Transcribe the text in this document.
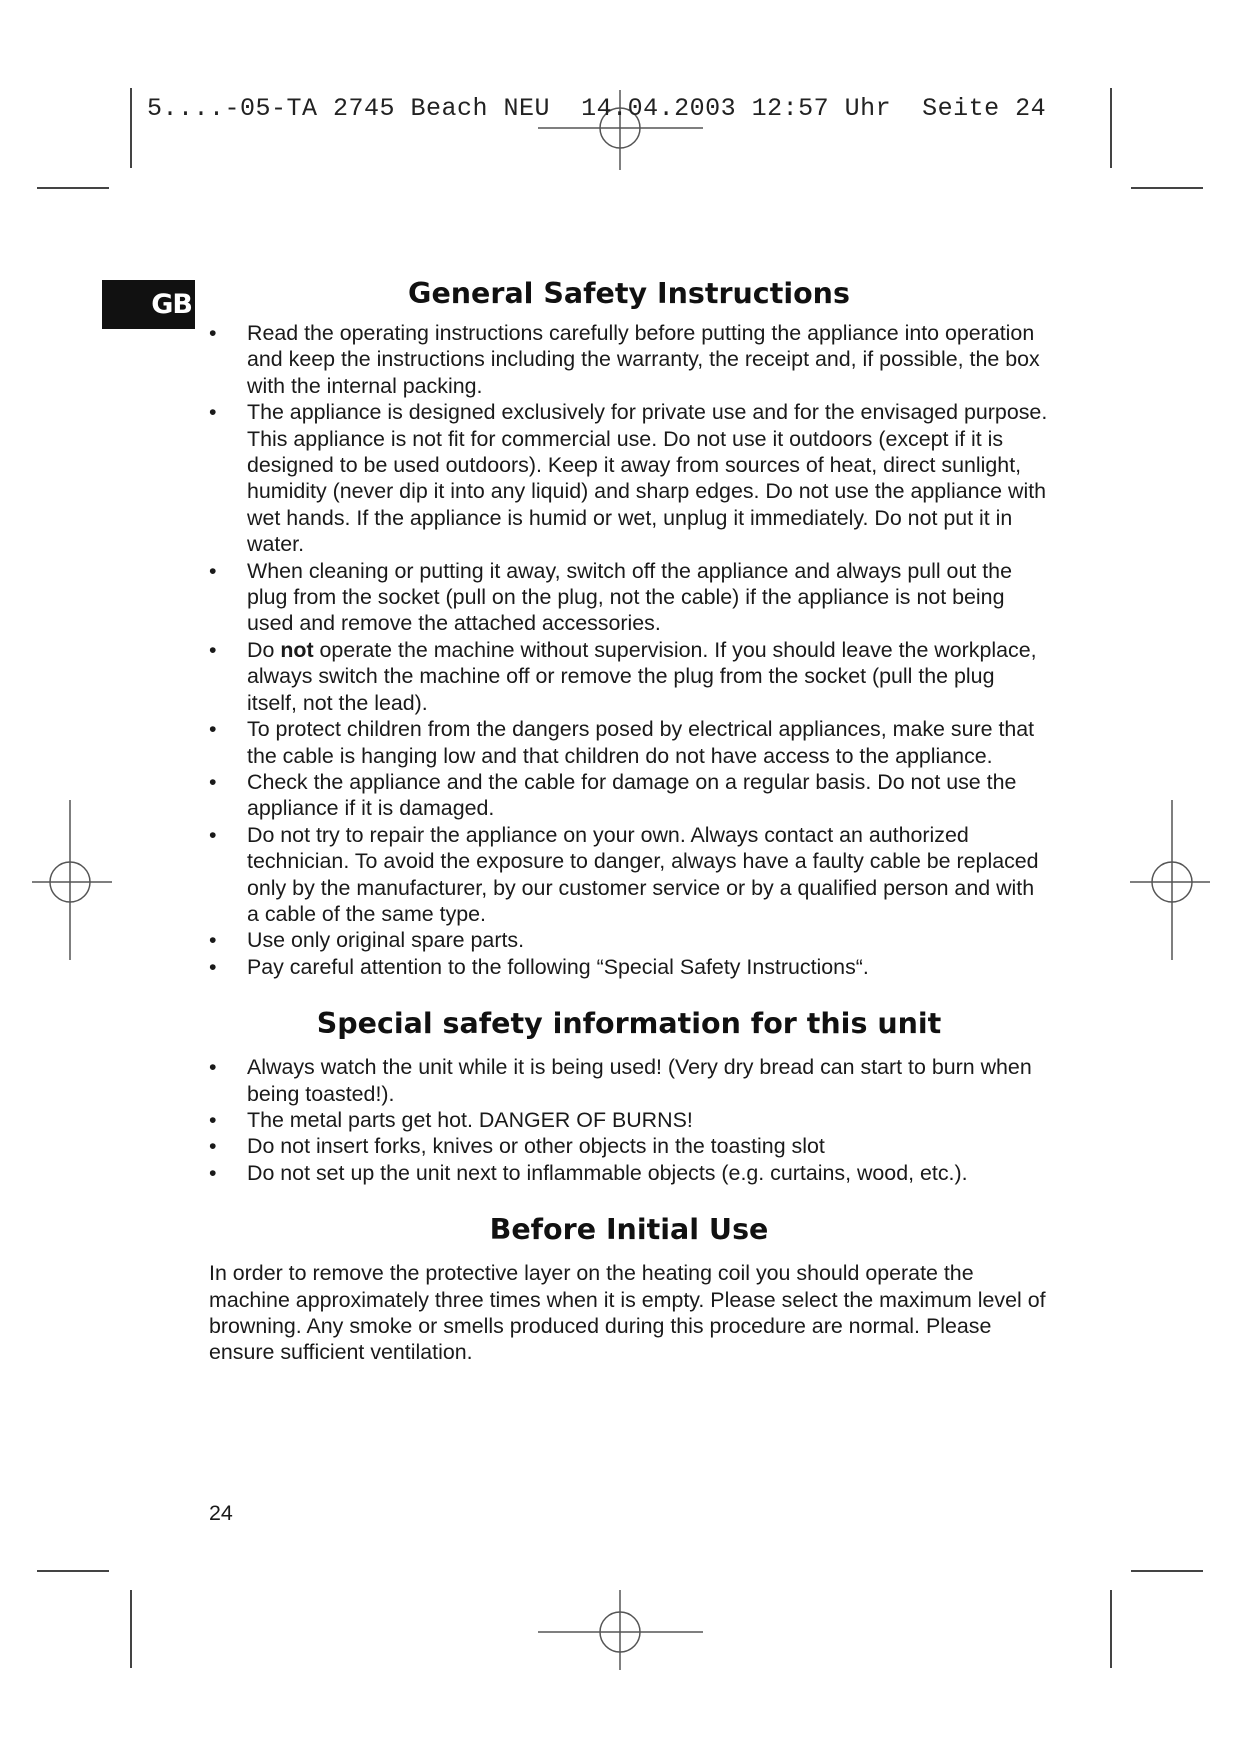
5....-05-TA 2745 Beach NEU  14.04.2003 12:57 Uhr  Seite 24
GB	General Safety Instructions
• Read the operating instructions carefully before putting the appliance into operation and keep the instructions including the warranty, the receipt and, if possible, the box with the internal packing.
• The appliance is designed exclusively for private use and for the envisaged purpose. This appliance is not fit for commercial use. Do not use it outdoors (except if it is designed to be used outdoors). Keep it away from sources of heat, direct sunlight, humidity (never dip it into any liquid) and sharp edges. Do not use the appliance with wet hands. If the appliance is humid or wet, unplug it immediately. Do not put it in water.
• When cleaning or putting it away, switch off the appliance and always pull out the plug from the socket (pull on the plug, not the cable) if the appliance is not being used and remove the attached accessories.
• Do not operate the machine without supervision. If you should leave the workplace, always switch the machine off or remove the plug from the socket (pull the plug itself, not the lead).
• To protect children from the dangers posed by electrical appliances, make sure that the cable is hanging low and that children do not have access to the appliance.
• Check the appliance and the cable for damage on a regular basis. Do not use the appliance if it is damaged.
• Do not try to repair the appliance on your own. Always contact an authorized technician. To avoid the exposure to danger, always have a faulty cable be replaced only by the manufacturer, by our customer service or by a qualified person and with a cable of the same type.
• Use only original spare parts.
• Pay careful attention to the following “Special Safety Instructions“.
Special safety information for this unit
• Always watch the unit while it is being used! (Very dry bread can start to burn when being toasted!).
• The metal parts get hot. DANGER OF BURNS!
• Do not insert forks, knives or other objects in the toasting slot
• Do not set up the unit next to inflammable objects (e.g. curtains, wood, etc.).
Before Initial Use

In order to remove the protective layer on the heating coil you should operate the machine approximately three times when it is empty. Please select the maximum level of browning. Any smoke or smells produced during this procedure are normal. Please ensure sufficient ventilation.

24
